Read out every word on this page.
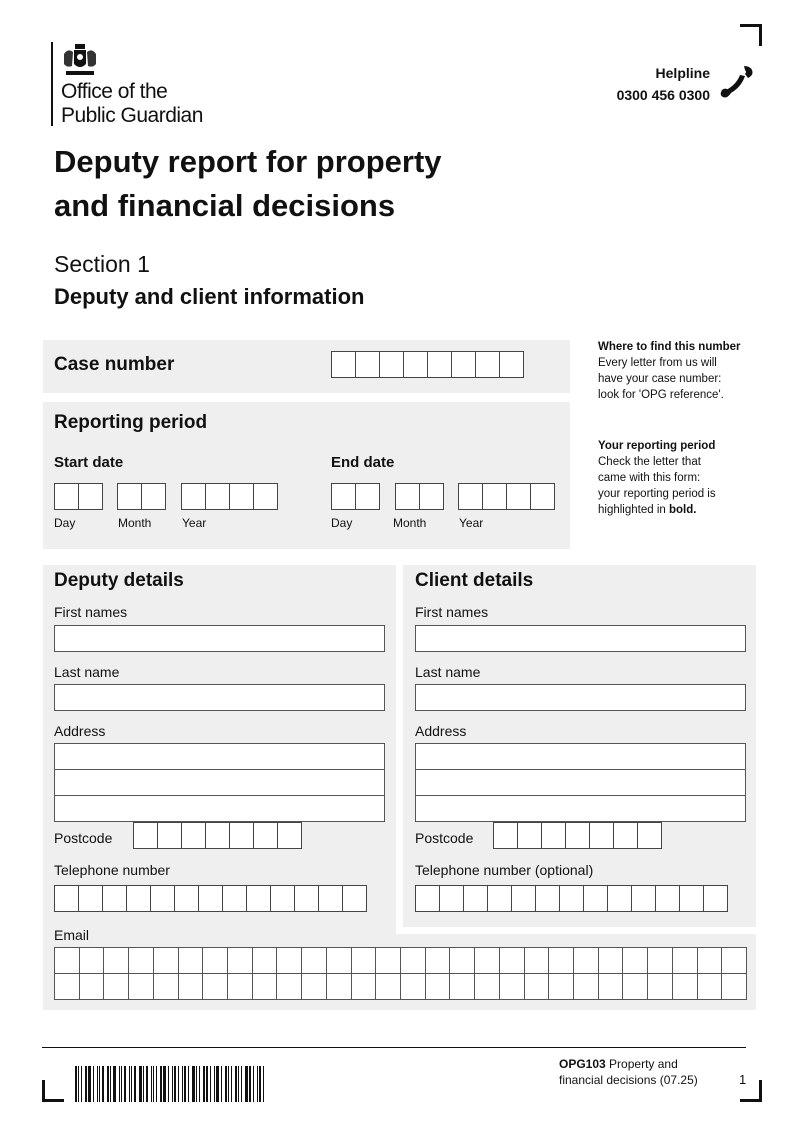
Office of the
Public Guardian
Helpline
0300 456 0300
Deputy report for property
and financial decisions
Section 1
Deputy and client information
Case number
Reporting period
Start date
Day	Month	Year
End date
Day	Month	Year
Where to find this number
Every letter from us will
have your case number:
look for 'OPG reference'.
Your reporting period
Check the letter that
came with this form:
your reporting period is
highlighted in bold.
Deputy details
First names
Last name
Address
Postcode
Telephone number
Client details
First names
Last name
Address
Postcode
Telephone number (optional)
Email
OPG103 Property and
financial decisions (07.25)	1
